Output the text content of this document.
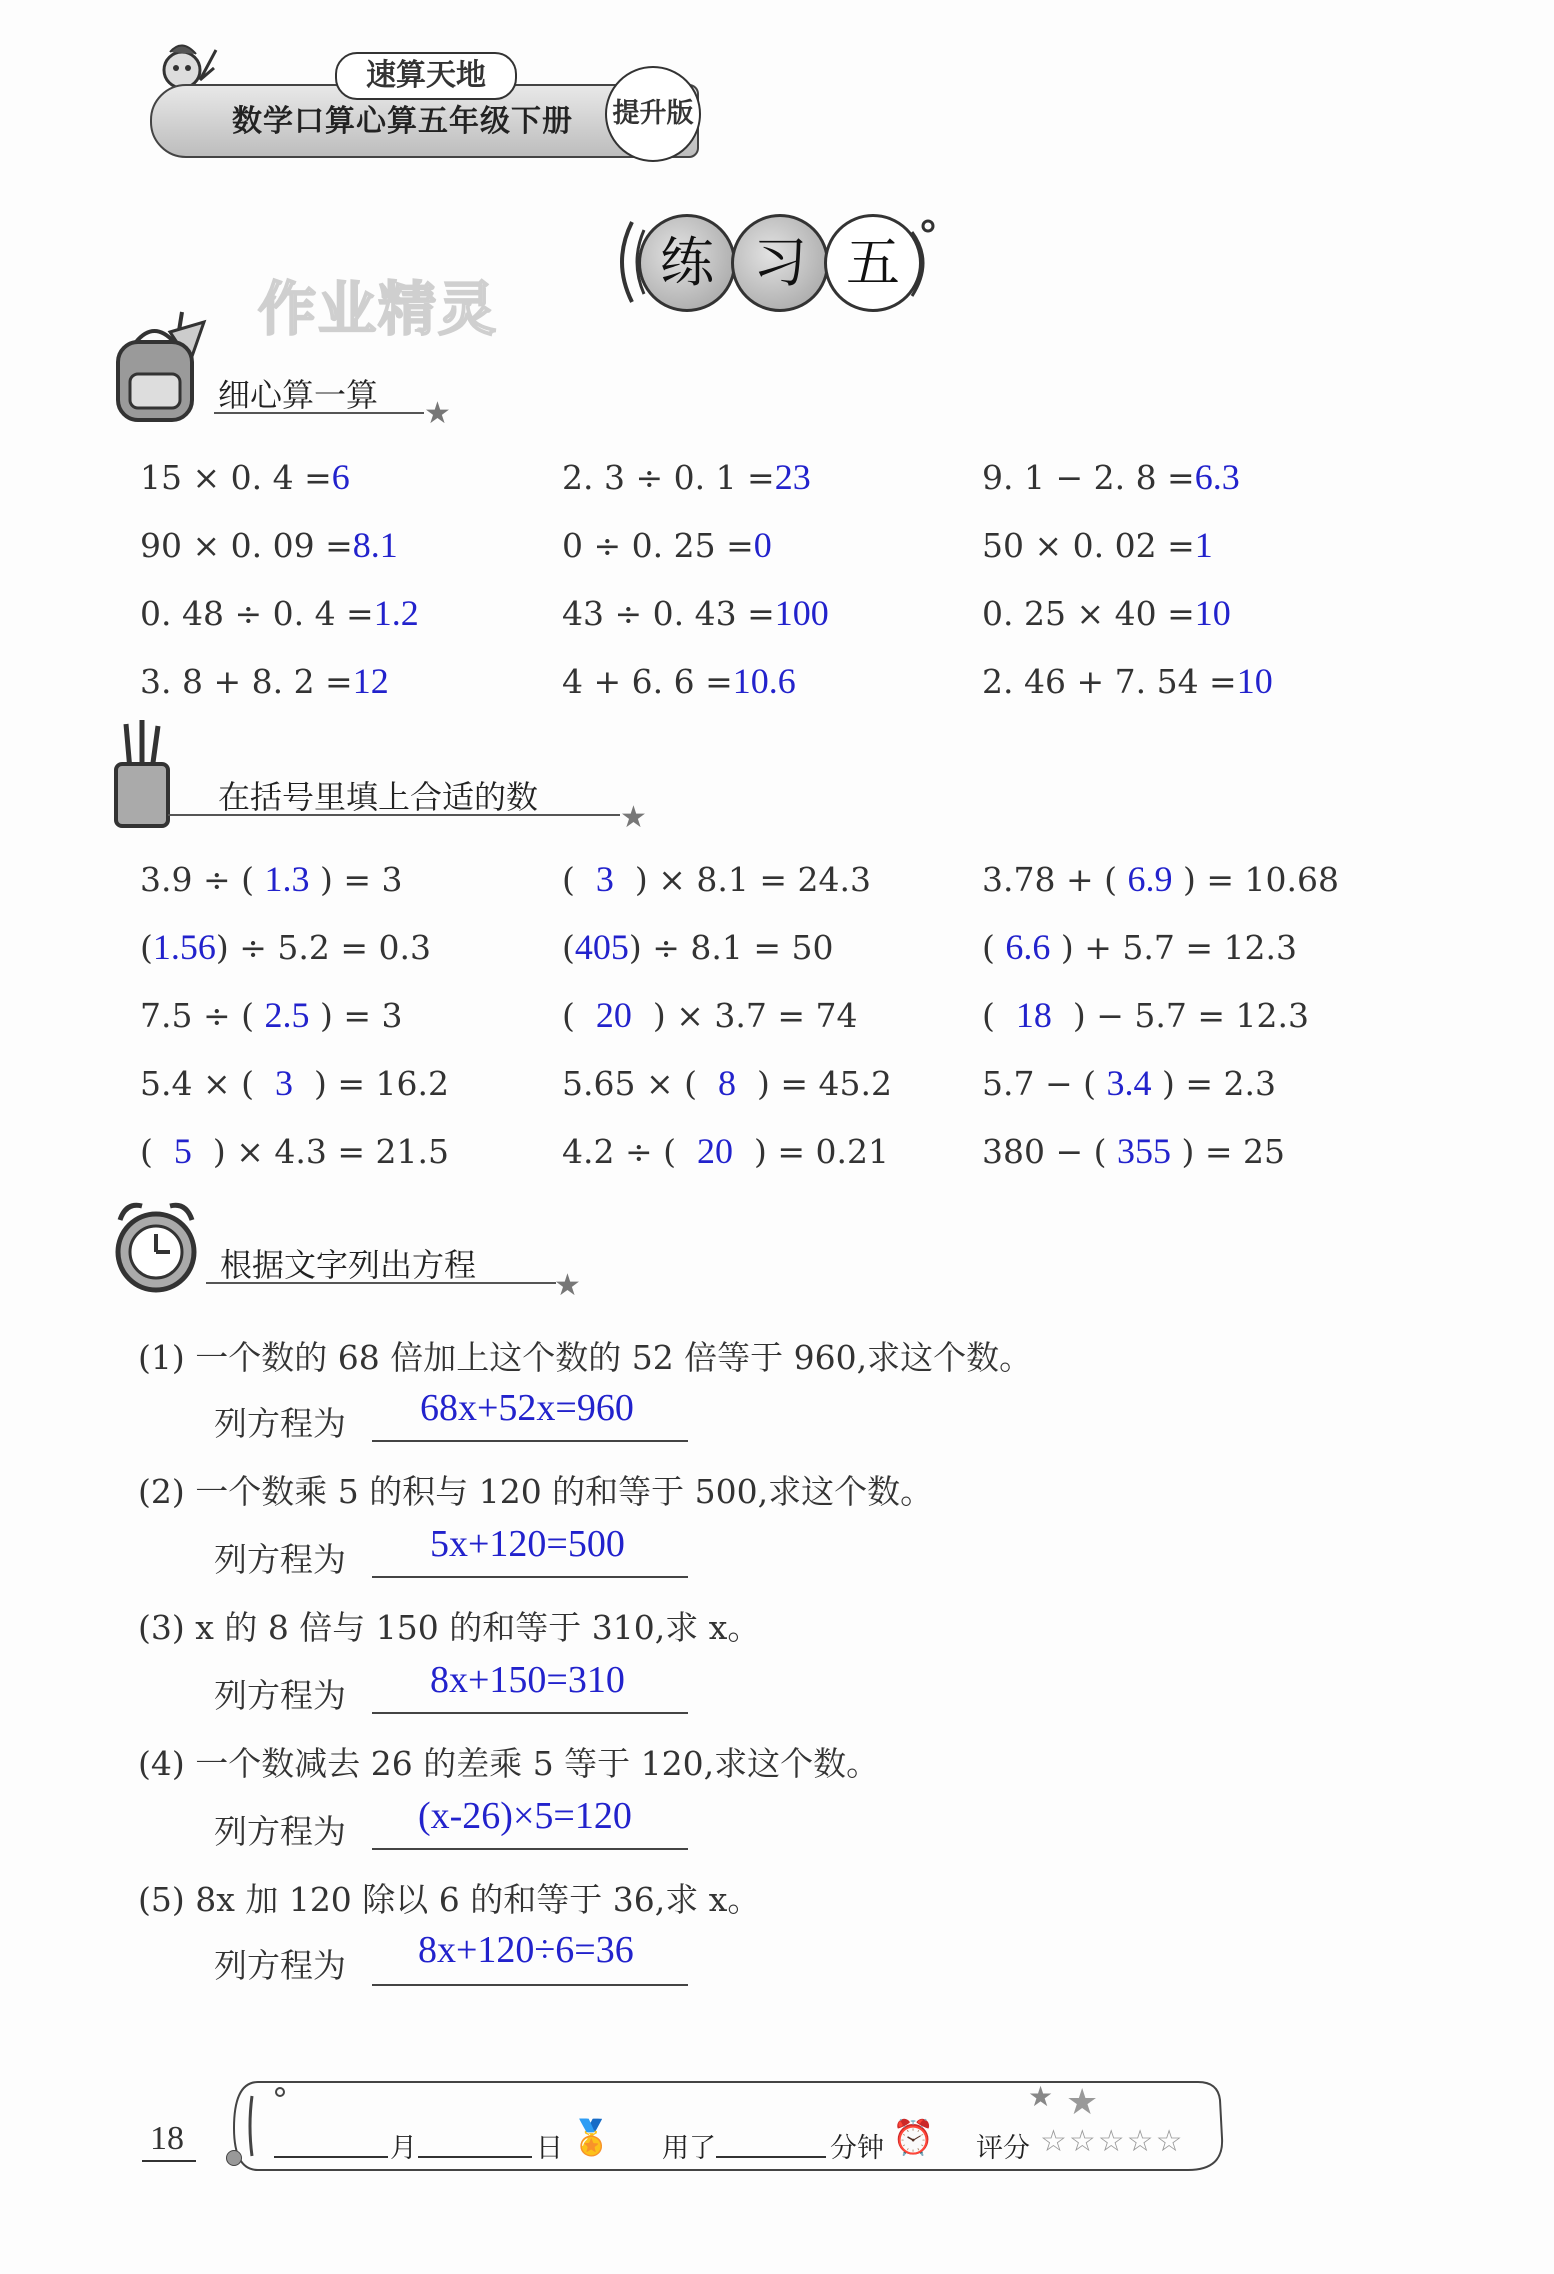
速算天地
数学口算心算五年级下册 提升版
练 习 五
作业精灵
细心算一算 ★
15 × 0. 4 =6	2. 3 ÷ 0. 1 =23	9. 1 − 2. 8 =6.3
90 × 0. 09 =8.1	0 ÷ 0. 25 =0	50 × 0. 02 =1
0. 48 ÷ 0. 4 =1.2	43 ÷ 0. 43 =100	0. 25 × 40 =10
3. 8 + 8. 2 =12	4 + 6. 6 =10.6	2. 46 + 7. 54 =10
在括号里填上合适的数
★
3.9 ÷ ( 1.3 ) = 3	( 3 ) × 8.1 = 24.3	3.78 + ( 6.9 ) = 10.68
(1.56) ÷ 5.2 = 0.3	(405) ÷ 8.1 = 50	( 6.6 ) + 5.7 = 12.3
7.5 ÷ ( 2.5 ) = 3	( 20 ) × 3.7 = 74	( 18 ) − 5.7 = 12.3
5.4 × ( 3 ) = 16.2	5.65 × ( 8 ) = 45.2	5.7 − ( 3.4 ) = 2.3
( 5 ) × 4.3 = 21.5	4.2 ÷ ( 20 ) = 0.21	380 − ( 355 ) = 25
根据文字列出方程
★
(1) 一个数的 68 倍加上这个数的 52 倍等于 960,求这个数。
列方程为 68x+52x=960
(2) 一个数乘 5 的积与 120 的和等于 500,求这个数。
列方程为 5x+120=500
(3) x 的 8 倍与 150 的和等于 310,求 x。
列方程为 8x+150=310
(4) 一个数减去 26 的差乘 5 等于 120,求这个数。
列方程为 (x-26)×5=120
(5) 8x 加 120 除以 6 的和等于 36,求 x。
列方程为 8x+120÷6=36
★ ★
18	月	日 🏅 用了	分钟 ⏰ 评分 ☆☆☆☆☆
